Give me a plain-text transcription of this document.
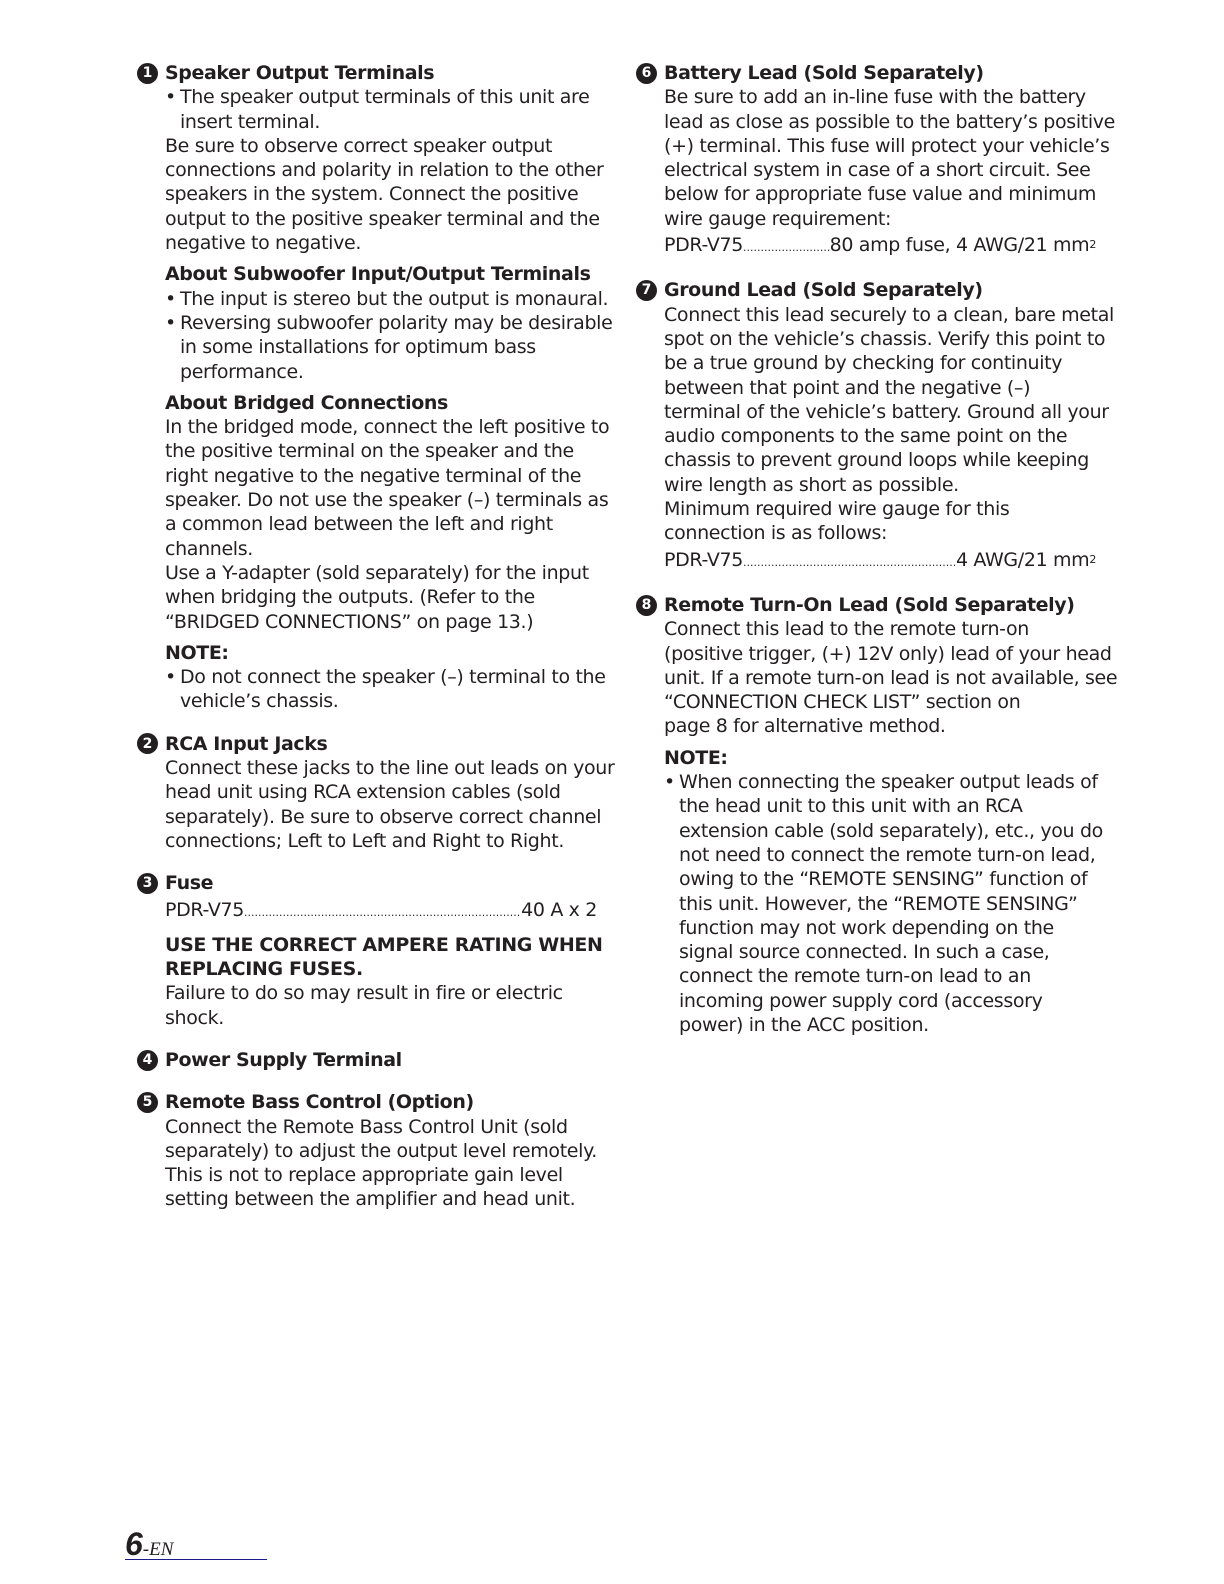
1 Speaker Output Terminals
• The speaker output terminals of this unit are
insert terminal.
Be sure to observe correct speaker output
connections and polarity in relation to the other
speakers in the system. Connect the positive
output to the positive speaker terminal and the
negative to negative.
About Subwoofer Input/Output Terminals
• The input is stereo but the output is monaural.
• Reversing subwoofer polarity may be desirable
in some installations for optimum bass
performance.
About Bridged Connections
In the bridged mode, connect the left positive to
the positive terminal on the speaker and the
right negative to the negative terminal of the
speaker. Do not use the speaker (–) terminals as
a common lead between the left and right
channels.
Use a Y-adapter (sold separately) for the input
when bridging the outputs. (Refer to the
“BRIDGED CONNECTIONS” on page 13.)
NOTE:
• Do not connect the speaker (–) terminal to the
vehicle’s chassis.
2 RCA Input Jacks
Connect these jacks to the line out leads on your
head unit using RCA extension cables (sold
separately). Be sure to observe correct channel
connections; Left to Left and Right to Right.
3 Fuse
PDR-V75 .....	40 A x 2
USE THE CORRECT AMPERE RATING WHEN
REPLACING FUSES.
Failure to do so may result in fire or electric
shock.
4 Power Supply Terminal
5 Remote Bass Control (Option)
Connect the Remote Bass Control Unit (sold
separately) to adjust the output level remotely.
This is not to replace appropriate gain level
setting between the amplifier and head unit.
6 Battery Lead (Sold Separately)
Be sure to add an in-line fuse with the battery
lead as close as possible to the battery’s positive
(+) terminal. This fuse will protect your vehicle’s
electrical system in case of a short circuit. See
below for appropriate fuse value and minimum
wire gauge requirement:
PDR-V75 .....	80 amp fuse, 4 AWG/21 mm 2
7 Ground Lead (Sold Separately)
Connect this lead securely to a clean, bare metal
spot on the vehicle’s chassis. Verify this point to
be a true ground by checking for continuity
between that point and the negative (–)
terminal of the vehicle’s battery. Ground all your
audio components to the same point on the
chassis to prevent ground loops while keeping
wire length as short as possible.
Minimum required wire gauge for this
connection is as follows:
PDR-V75 .....	4 AWG/21 mm 2
8 Remote Turn-On Lead (Sold Separately)
Connect this lead to the remote turn-on
(positive trigger, (+) 12V only) lead of your head
unit. If a remote turn-on lead is not available, see
“CONNECTION CHECK LIST” section on
page 8 for alternative method.
NOTE:
• When connecting the speaker output leads of
the head unit to this unit with an RCA
extension cable (sold separately), etc., you do
not need to connect the remote turn-on lead,
owing to the “REMOTE SENSING” function of
this unit. However, the “REMOTE SENSING”
function may not work depending on the
signal source connected. In such a case,
connect the remote turn-on lead to an
incoming power supply cord (accessory
power) in the ACC position.
6-EN
